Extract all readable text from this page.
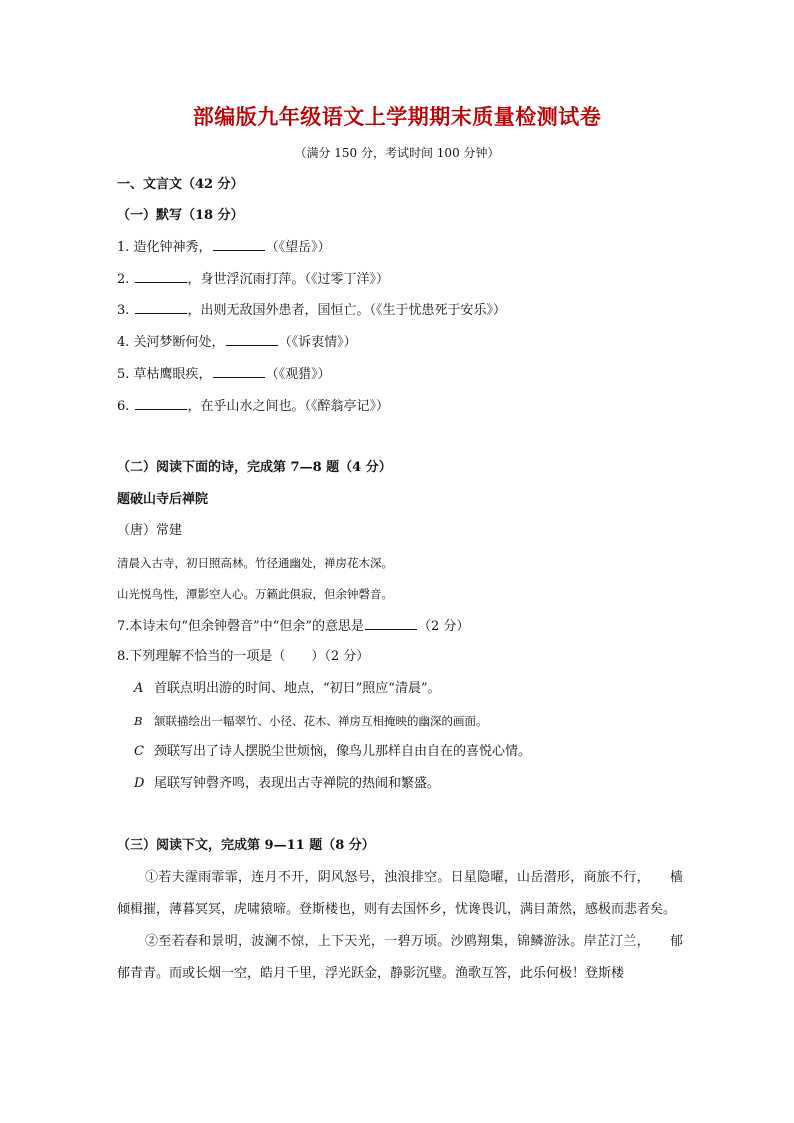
部编版九年级语文上学期期末质量检测试卷
（满分 150 分，考试时间 100 分钟）
一、文言文（42 分）
（一）默写（18 分）
1. 造化钟神秀，	（《望岳》）
2.	，身世浮沉雨打萍。（《过零丁洋》）
3.	，出则无敌国外患者，国恒亡。（《生于忧患死于安乐》）
4. 关河梦断何处，	（《诉衷情》）
5. 草枯鹰眼疾，	（《观猎》）
6.	，在乎山水之间也。（《醉翁亭记》）
（二）阅读下面的诗，完成第 7—8 题（4 分）
题破山寺后禅院
（唐）常建
清晨入古寺，初日照高林。竹径通幽处，禅房花木深。
山光悦鸟性，潭影空人心。万籁此俱寂，但余钟磬音。
7.本诗末句“但余钟磬音”中“但余”的意思是	（2 分）
8.下列理解不恰当的一项是（　　）（2 分）
A 首联点明出游的时间、地点，“初日”照应“清晨”。
B 颔联描绘出一幅翠竹、小径、花木、禅房互相掩映的幽深的画面。
C 颈联写出了诗人摆脱尘世烦恼，像鸟儿那样自由自在的喜悦心情。
D 尾联写钟磬齐鸣，表现出古寺禅院的热闹和繁盛。
（三）阅读下文，完成第 9—11 题（8 分）

①若夫霪雨霏霏，连月不开，阴风怒号，浊浪排空。日星隐曜，山岳潜形，商旅不行，　　樯倾楫摧，薄暮冥冥，虎啸猿啼。登斯楼也，则有去国怀乡，忧谗畏讥，满目萧然，感极而悲者矣。

②至若春和景明，波澜不惊，上下天光，一碧万顷。沙鸥翔集，锦鳞游泳。岸芷汀兰，　　郁郁青青。而或长烟一空，皓月千里，浮光跃金，静影沉璧。渔歌互答，此乐何极！登斯楼
